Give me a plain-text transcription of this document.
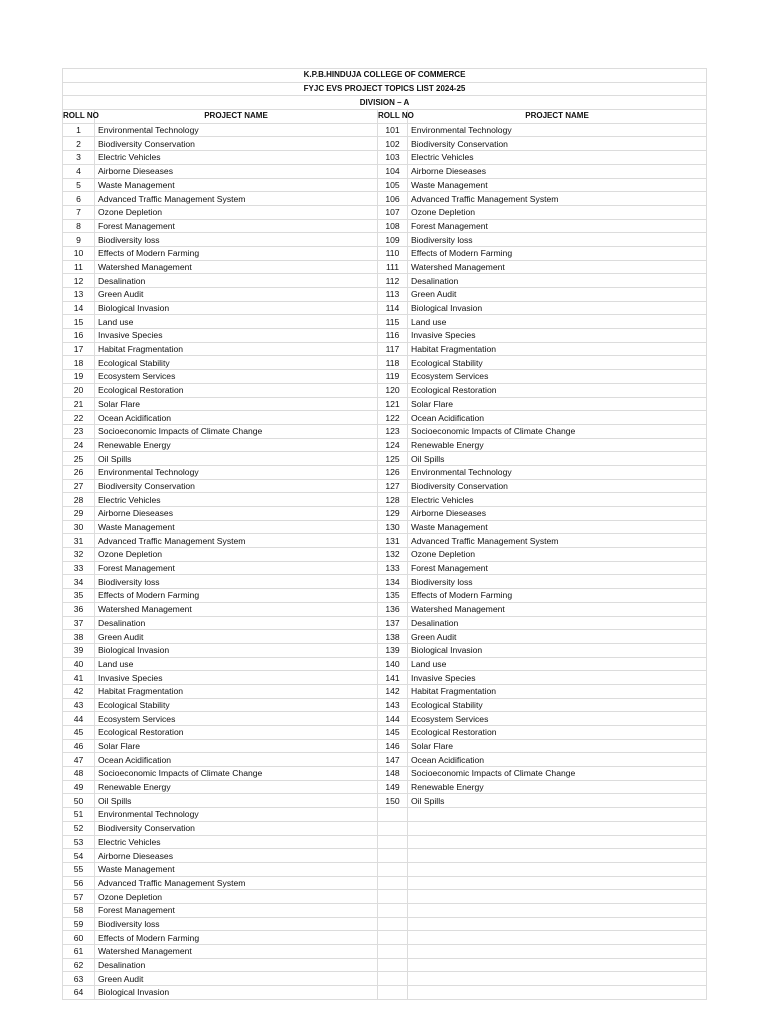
K.P.B.HINDUJA COLLEGE OF COMMERCE			
FYJC EVS PROJECT TOPICS LIST 2024-25			
DIVISION – A			
ROLL NO	PROJECT NAME	ROLL NO	PROJECT NAME
1	Environmental Technology	101	Environmental Technology
2	Biodiversity Conservation	102	Biodiversity Conservation
3	Electric Vehicles	103	Electric Vehicles
4	Airborne Dieseases	104	Airborne Dieseases
5	Waste Management	105	Waste Management
6	Advanced Traffic Management System	106	Advanced Traffic Management System
7	Ozone Depletion	107	Ozone Depletion
8	Forest Management	108	Forest Management
9	Biodiversity loss	109	Biodiversity loss
10	Effects of Modern Farming	110	Effects of Modern Farming
11	Watershed Management	111	Watershed Management
12	Desalination	112	Desalination
13	Green Audit	113	Green Audit
14	Biological Invasion	114	Biological Invasion
15	Land use	115	Land use
16	Invasive Species	116	Invasive Species
17	Habitat Fragmentation	117	Habitat Fragmentation
18	Ecological Stability	118	Ecological Stability
19	Ecosystem Services	119	Ecosystem Services
20	Ecological Restoration	120	Ecological Restoration
21	Solar Flare	121	Solar Flare
22	Ocean Acidification	122	Ocean Acidification
23	Socioeconomic Impacts of Climate Change	123	Socioeconomic Impacts of Climate Change
24	Renewable Energy	124	Renewable Energy
25	Oil Spills	125	Oil Spills
26	Environmental Technology	126	Environmental Technology
27	Biodiversity Conservation	127	Biodiversity Conservation
28	Electric Vehicles	128	Electric Vehicles
29	Airborne Dieseases	129	Airborne Dieseases
30	Waste Management	130	Waste Management
31	Advanced Traffic Management System	131	Advanced Traffic Management System
32	Ozone Depletion	132	Ozone Depletion
33	Forest Management	133	Forest Management
34	Biodiversity loss	134	Biodiversity loss
35	Effects of Modern Farming	135	Effects of Modern Farming
36	Watershed Management	136	Watershed Management
37	Desalination	137	Desalination
38	Green Audit	138	Green Audit
39	Biological Invasion	139	Biological Invasion
40	Land use	140	Land use
41	Invasive Species	141	Invasive Species
42	Habitat Fragmentation	142	Habitat Fragmentation
43	Ecological Stability	143	Ecological Stability
44	Ecosystem Services	144	Ecosystem Services
45	Ecological Restoration	145	Ecological Restoration
46	Solar Flare	146	Solar Flare
47	Ocean Acidification	147	Ocean Acidification
48	Socioeconomic Impacts of Climate Change	148	Socioeconomic Impacts of Climate Change
49	Renewable Energy	149	Renewable Energy
50	Oil Spills	150	Oil Spills
51	Environmental Technology		
52	Biodiversity Conservation		
53	Electric Vehicles		
54	Airborne Dieseases		
55	Waste Management		
56	Advanced Traffic Management System		
57	Ozone Depletion		
58	Forest Management		
59	Biodiversity loss		
60	Effects of Modern Farming		
61	Watershed Management		
62	Desalination		
63	Green Audit		
64	Biological Invasion		
